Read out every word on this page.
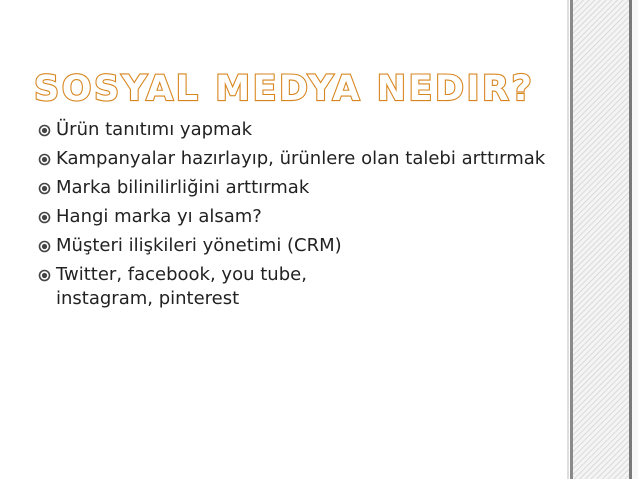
SOSYAL MEDYA NEDIR?
Ürün tanıtımı yapmak
Kampanyalar hazırlayıp, ürünlere olan talebi arttırmak
Marka bilinilirliğini arttırmak
Hangi marka yı alsam?
Müşteri ilişkileri yönetimi (CRM)
Twitter, facebook, you tube, instagram, pinterest
